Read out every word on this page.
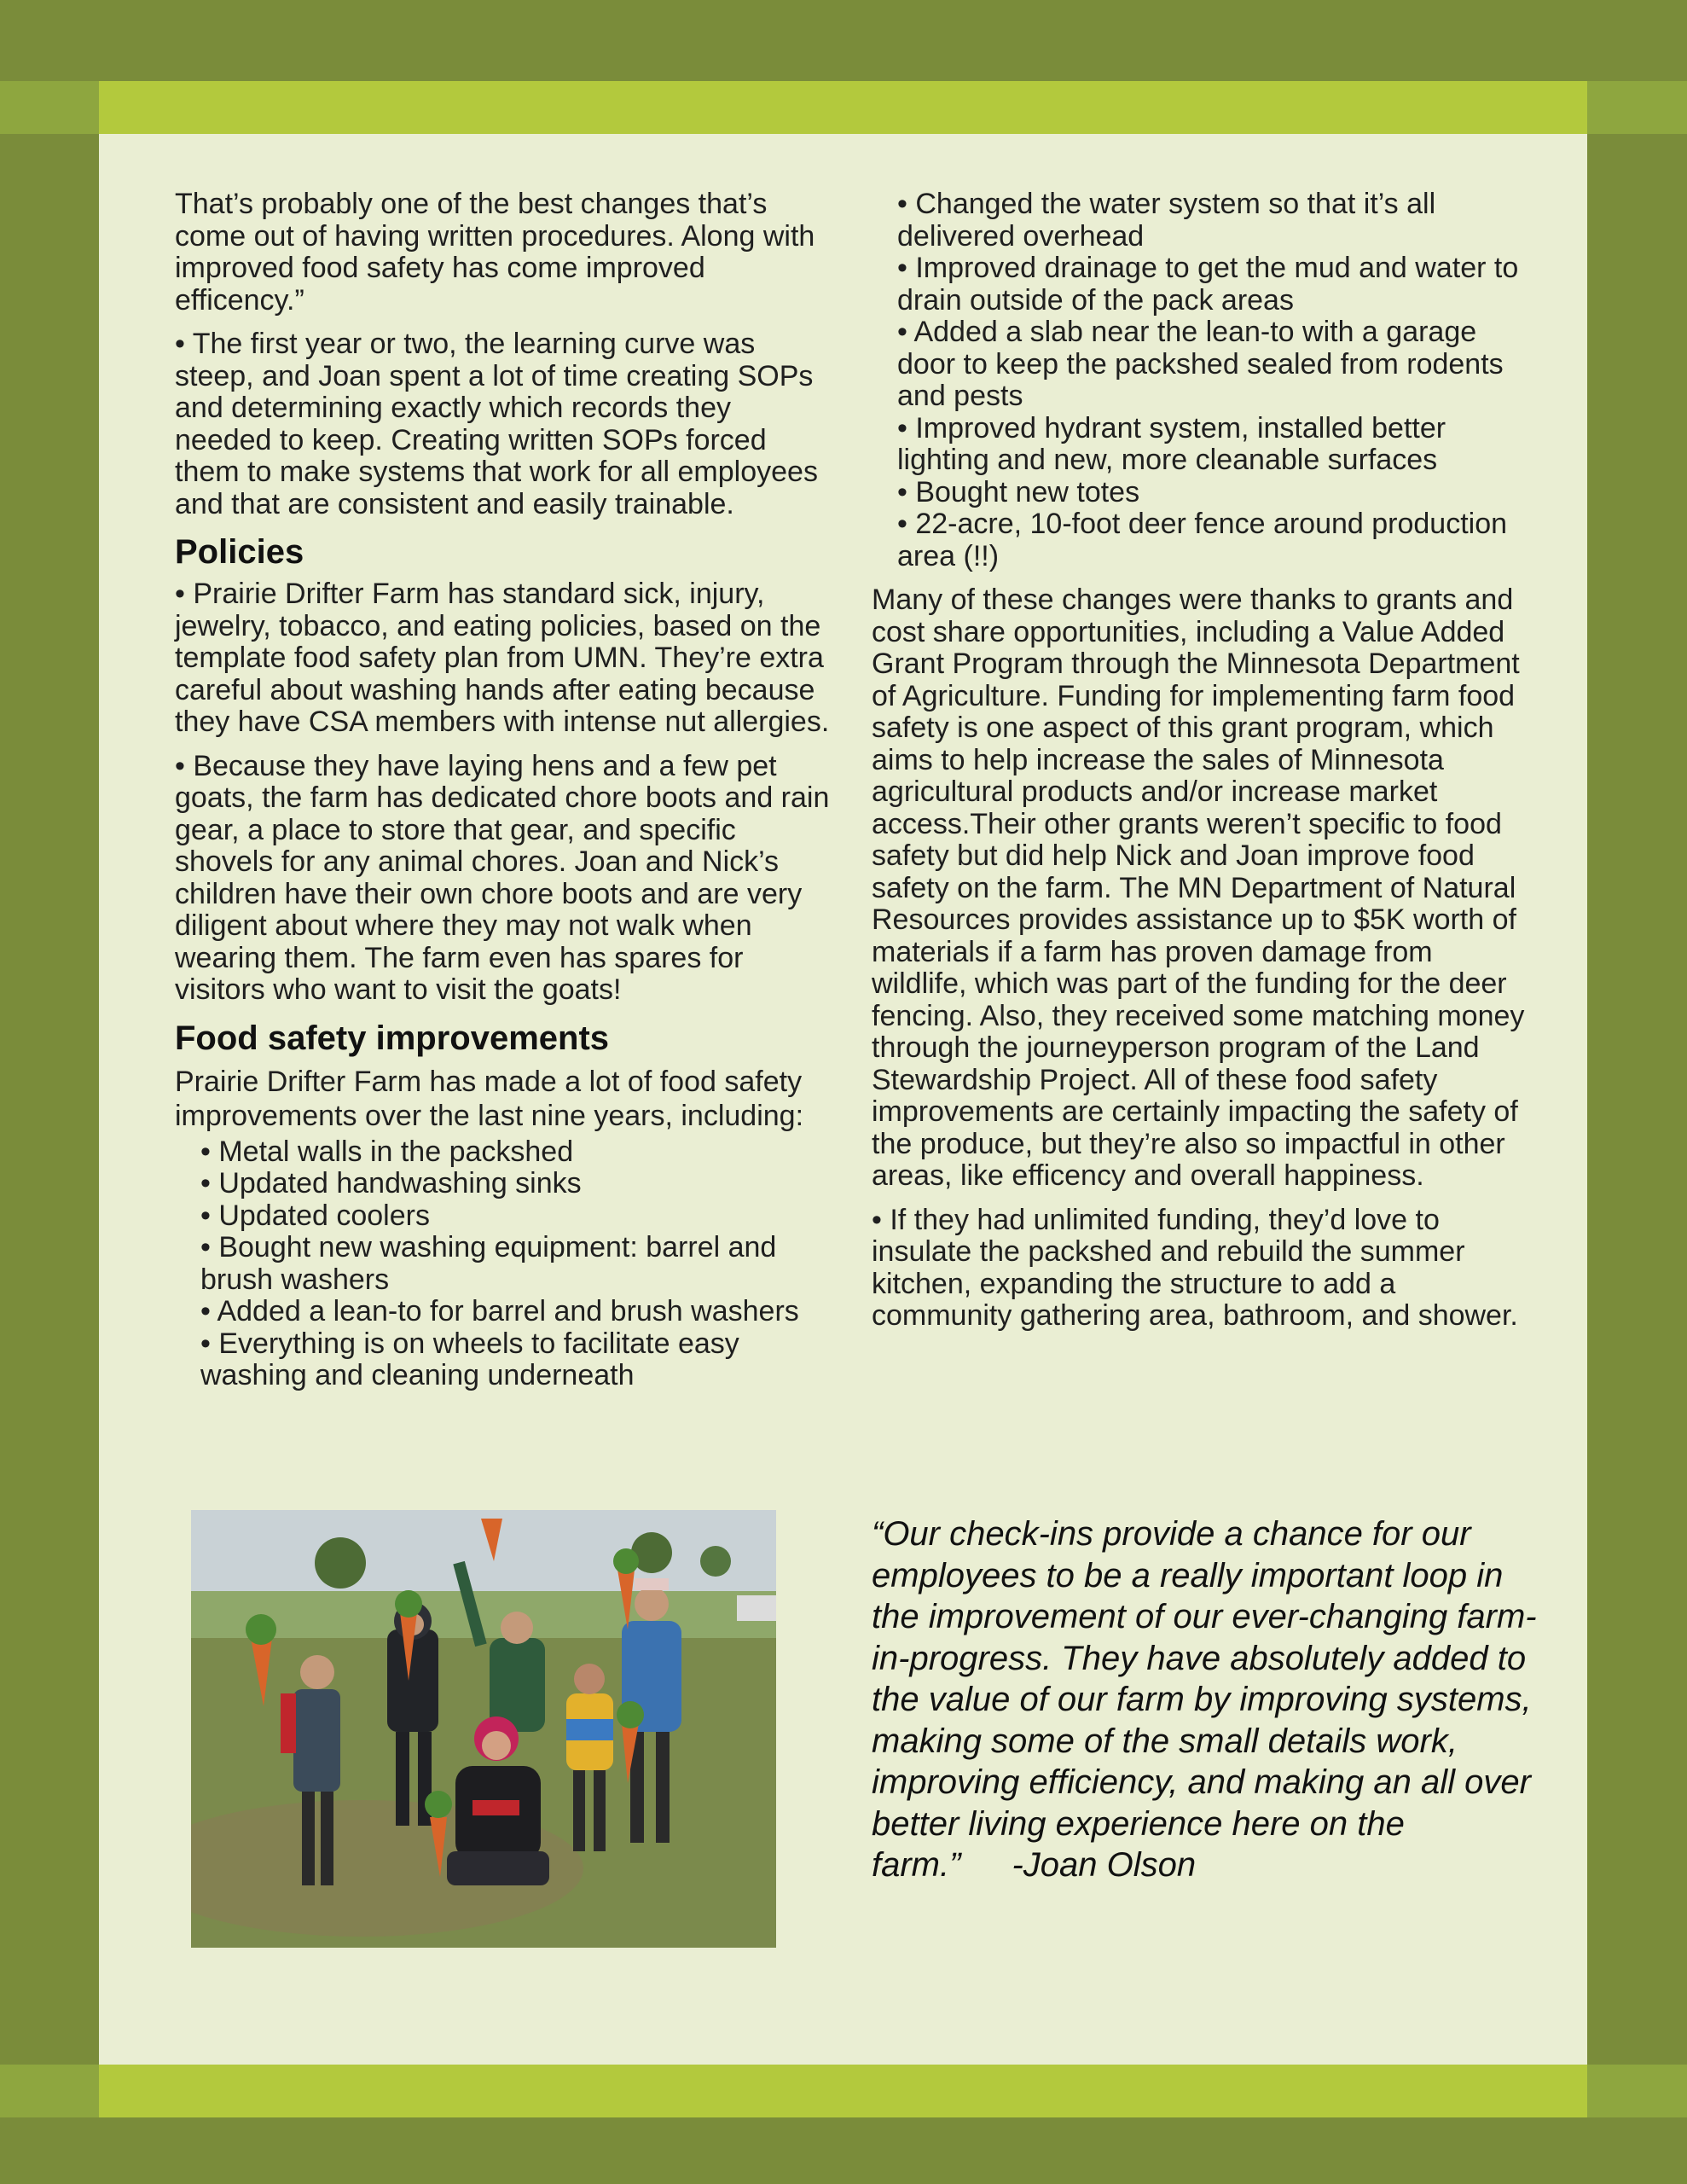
That’s probably one of the best changes that’s come out of having written procedures. Along with improved food safety has come improved efficency.”

• The first year or two, the learning curve was steep, and Joan spent a lot of time creating SOPs and determining exactly which records they needed to keep. Creating written SOPs forced them to make systems that work for all employees and that are consistent and easily trainable.

Policies

• Prairie Drifter Farm has standard sick, injury, jewelry, tobacco, and eating policies, based on the template food safety plan from UMN. They’re extra careful about washing hands after eating because they have CSA members with intense nut allergies.

• Because they have laying hens and a few pet goats, the farm has dedicated chore boots and rain gear, a place to store that gear, and specific shovels for any animal chores. Joan and Nick’s children have their own chore boots and are very diligent about where they may not walk when wearing them. The farm even has spares for visitors who want to visit the goats!

Food safety improvements
Prairie Drifter Farm has made a lot of food safety improvements over the last nine years, including:
• Metal walls in the packshed
• Updated handwashing sinks
• Updated coolers
• Bought new washing equipment: barrel and brush washers
• Added a lean-to for barrel and brush washers
• Everything is on wheels to facilitate easy washing and cleaning underneath
• Changed the water system so that it’s all delivered overhead
• Improved drainage to get the mud and water to drain outside of the pack areas
• Added a slab near the lean-to with a garage door to keep the packshed sealed from rodents and pests
• Improved hydrant system, installed better lighting and new, more cleanable surfaces
• Bought new totes
• 22-acre, 10-foot deer fence around production area (!!)

Many of these changes were thanks to grants and cost share opportunities, including a Value Added Grant Program through the Minnesota Department of Agriculture. Funding for implementing farm food safety is one aspect of this grant program, which aims to help increase the sales of Minnesota agricultural products and/or increase market access.Their other grants weren’t specific to food safety but did help Nick and Joan improve food safety on the farm. The MN Department of Natural Resources provides assistance up to $5K worth of materials if a farm has proven damage from wildlife, which was part of the funding for the deer fencing. Also, they received some matching money through the journeyperson program of the Land Stewardship Project. All of these food safety improvements are certainly impacting the safety of the produce, but they’re also so impactful in other areas, like efficency and overall happiness.

• If they had unlimited funding, they’d love to insulate the packshed and rebuild the summer kitchen, expanding the structure to add a community gathering area, bathroom, and shower.

“Our check-ins provide a chance for our employees to be a really important loop in the improvement of our ever-changing farm-in-progress. They have absolutely added to the value of our farm by improving systems, making some of the small details work, improving efficiency, and making an all over better living experience here on the farm.” -Joan Olson
